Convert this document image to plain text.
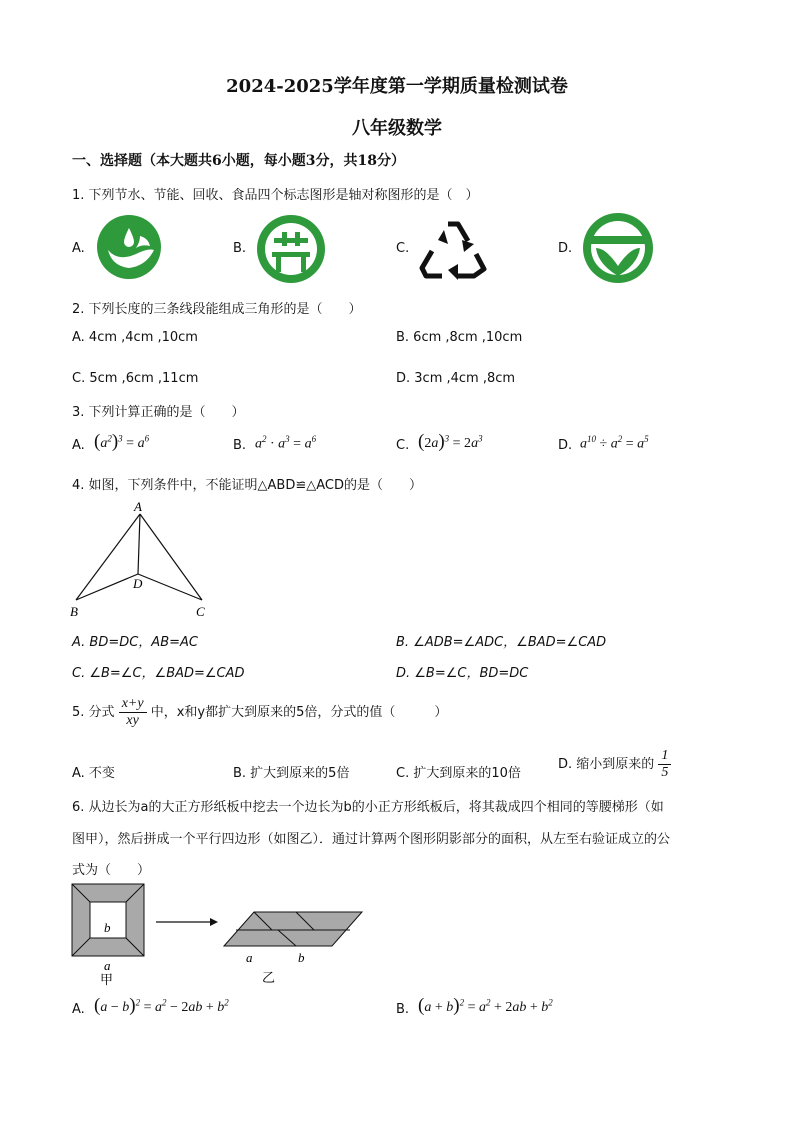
2024-2025学年度第一学期质量检测试卷
八年级数学
一、选择题（本大题共6小题，每小题3分，共18分）
1. 下列节水、节能、回收、食品四个标志图形是轴对称图形的是（　）
A.	B.	C.	D.
2. 下列长度的三条线段能组成三角形的是（　　）
A. 4cm ,4cm ,10cm	B. 6cm ,8cm ,10cm
C. 5cm ,6cm ,11cm	D. 3cm ,4cm ,8cm
3. 下列计算正确的是（　　）
A. $(a^2)^3 = a^6$	B. $a^2 \cdot a^3 = a^6$	C. $(2a)^3 = 2a^3$	D. $a^{10} \div a^2 = a^5$
4. 如图，下列条件中，不能证明△ABD≌△ACD的是（　　）
A
D
B	C
A. BD=DC，AB=AC	B. ∠ADB=∠ADC，∠BAD=∠CAD
C. ∠B=∠C，∠BAD=∠CAD	D. ∠B=∠C，BD=DC
5. 分式 $\frac{x+y}{xy}$ 中，x和y都扩大到原来的5倍，分式的值（　　　）
A. 不变	B. 扩大到原来的5倍	C. 扩大到原来的10倍
D. 缩小到原来的 $\frac{1}{5}$
6. 从边长为a的大正方形纸板中挖去一个边长为b的小正方形纸板后，将其裁成四个相同的等腰梯形（如
图甲），然后拼成一个平行四边形（如图乙）．通过计算两个图形阴影部分的面积，从左至右验证成立的公
式为（　　）
b
a
甲
a	b
乙
A. $(a - b)^2 = a^2 - 2ab + b^2$	B. $(a + b)^2 = a^2 + 2ab + b^2$
